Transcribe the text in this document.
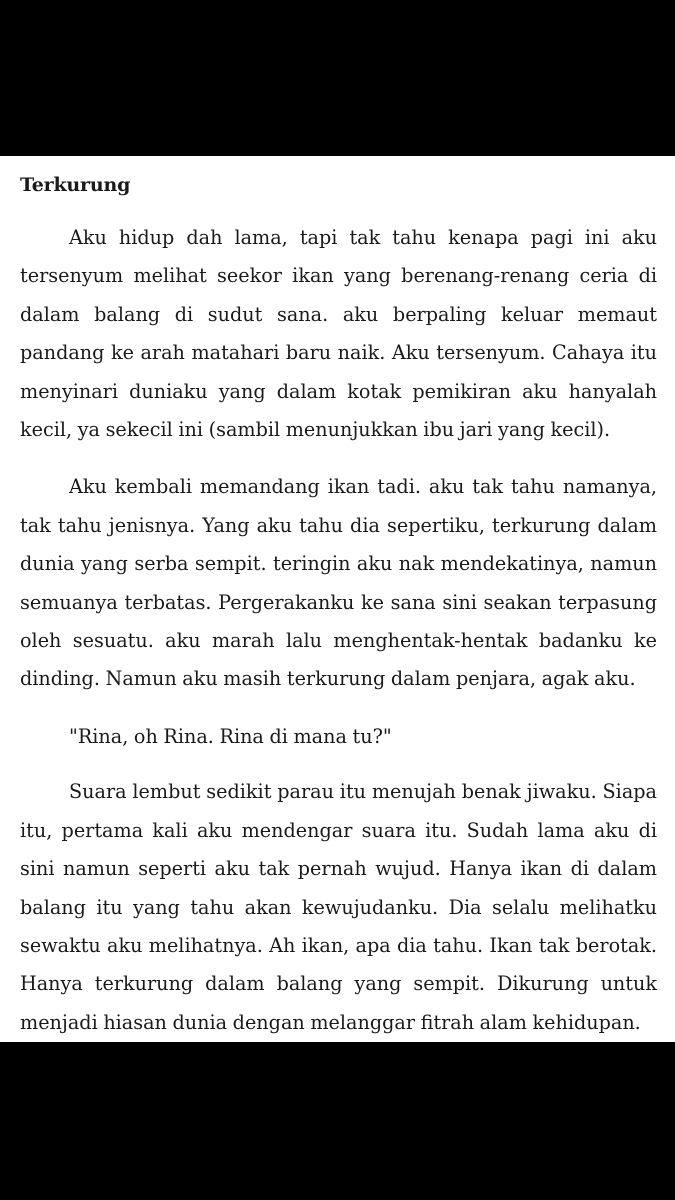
Terkurung

Aku hidup dah lama, tapi tak tahu kenapa pagi ini aku tersenyum melihat seekor ikan yang berenang-renang ceria di dalam balang di sudut sana. aku berpaling keluar memaut pandang ke arah matahari baru naik. Aku tersenyum. Cahaya itu menyinari duniaku yang dalam kotak pemikiran aku hanyalah kecil, ya sekecil ini (sambil menunjukkan ibu jari yang kecil).

Aku kembali memandang ikan tadi. aku tak tahu namanya, tak tahu jenisnya. Yang aku tahu dia sepertiku, terkurung dalam dunia yang serba sempit. teringin aku nak mendekatinya, namun semuanya terbatas. Pergerakanku ke sana sini seakan terpasung oleh sesuatu. aku marah lalu menghentak-hentak badanku ke dinding. Namun aku masih terkurung dalam penjara, agak aku.

"Rina, oh Rina. Rina di mana tu?"

Suara lembut sedikit parau itu menujah benak jiwaku. Siapa itu, pertama kali aku mendengar suara itu. Sudah lama aku di sini namun seperti aku tak pernah wujud. Hanya ikan di dalam balang itu yang tahu akan kewujudanku. Dia selalu melihatku sewaktu aku melihatnya. Ah ikan, apa dia tahu. Ikan tak berotak. Hanya terkurung dalam balang yang sempit. Dikurung untuk menjadi hiasan dunia dengan melanggar fitrah alam kehidupan.
